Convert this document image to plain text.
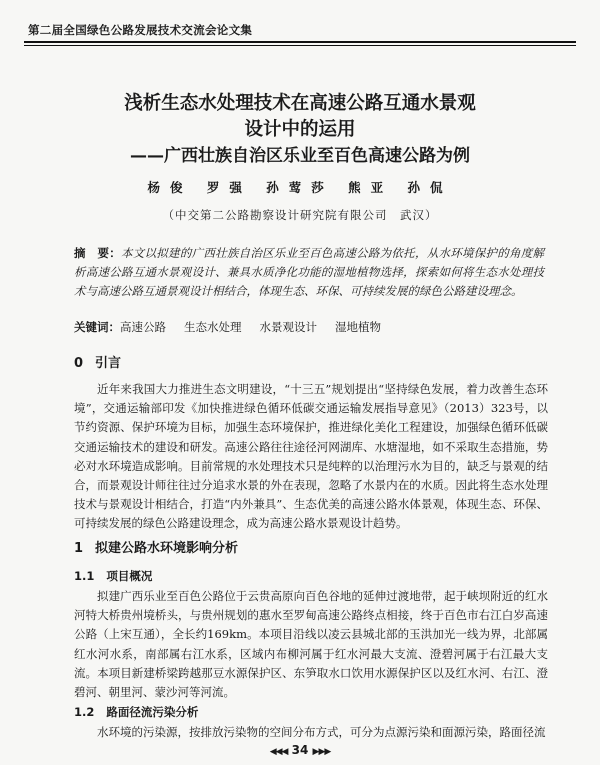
第二届全国绿色公路发展技术交流会论文集
浅析生态水处理技术在高速公路互通水景观
设计中的运用
——广西壮族自治区乐业至百色高速公路为例
杨俊 罗强 孙莺莎 熊亚 孙侃
（中交第二公路勘察设计研究院有限公司　武汉）
摘　要：本文以拟建的广西壮族自治区乐业至百色高速公路为依托，从水环境保护的角度解析高速公路互通水景观设计、兼具水质净化功能的湿地植物选择，探索如何将生态水处理技术与高速公路互通景观设计相结合，体现生态、环保、可持续发展的绿色公路建设理念。
关键词：高速公路 生态水处理 水景观设计 湿地植物
0 引言
近年来我国大力推进生态文明建设，“十三五”规划提出“坚持绿色发展，着力改善生态环境”，交通运输部印发《加快推进绿色循环低碳交通运输发展指导意见》（2013）323号，以节约资源、保护环境为目标，加强生态环境保护，推进绿化美化工程建设，加强绿色循环低碳交通运输技术的建设和研发。高速公路往往途径河网湖库、水塘湿地，如不采取生态措施，势必对水环境造成影响。目前常规的水处理技术只是纯粹的以治理污水为目的，缺乏与景观的结合，而景观设计师往往过分追求水景的外在表现，忽略了水景内在的水质。因此将生态水处理技术与景观设计相结合，打造“内外兼具”、生态优美的高速公路水体景观，体现生态、环保、可持续发展的绿色公路建设理念，成为高速公路水景观设计趋势。
1 拟建公路水环境影响分析
1.1 项目概况
拟建广西乐业至百色公路位于云贵高原向百色谷地的延伸过渡地带，起于峡坝附近的红水河特大桥贵州境桥头，与贵州规划的惠水至罗甸高速公路终点相接，终于百色市右江白岁高速公路（上宋互通），全长约169km。本项目沿线以凌云县城北部的玉洪加光一线为界，北部属红水河水系，南部属右江水系，区域内布柳河属于红水河最大支流、澄碧河属于右江最大支流。本项目新建桥梁跨越那豆水源保护区、东笋取水口饮用水源保护区以及红水河、右江、澄碧河、朝里河、蒙沙河等河流。
1.2 路面径流污染分析
水环境的污染源，按排放污染物的空间分布方式，可分为点源污染和面源污染，路面径流
◀◀◀ 34 ▶▶▶
